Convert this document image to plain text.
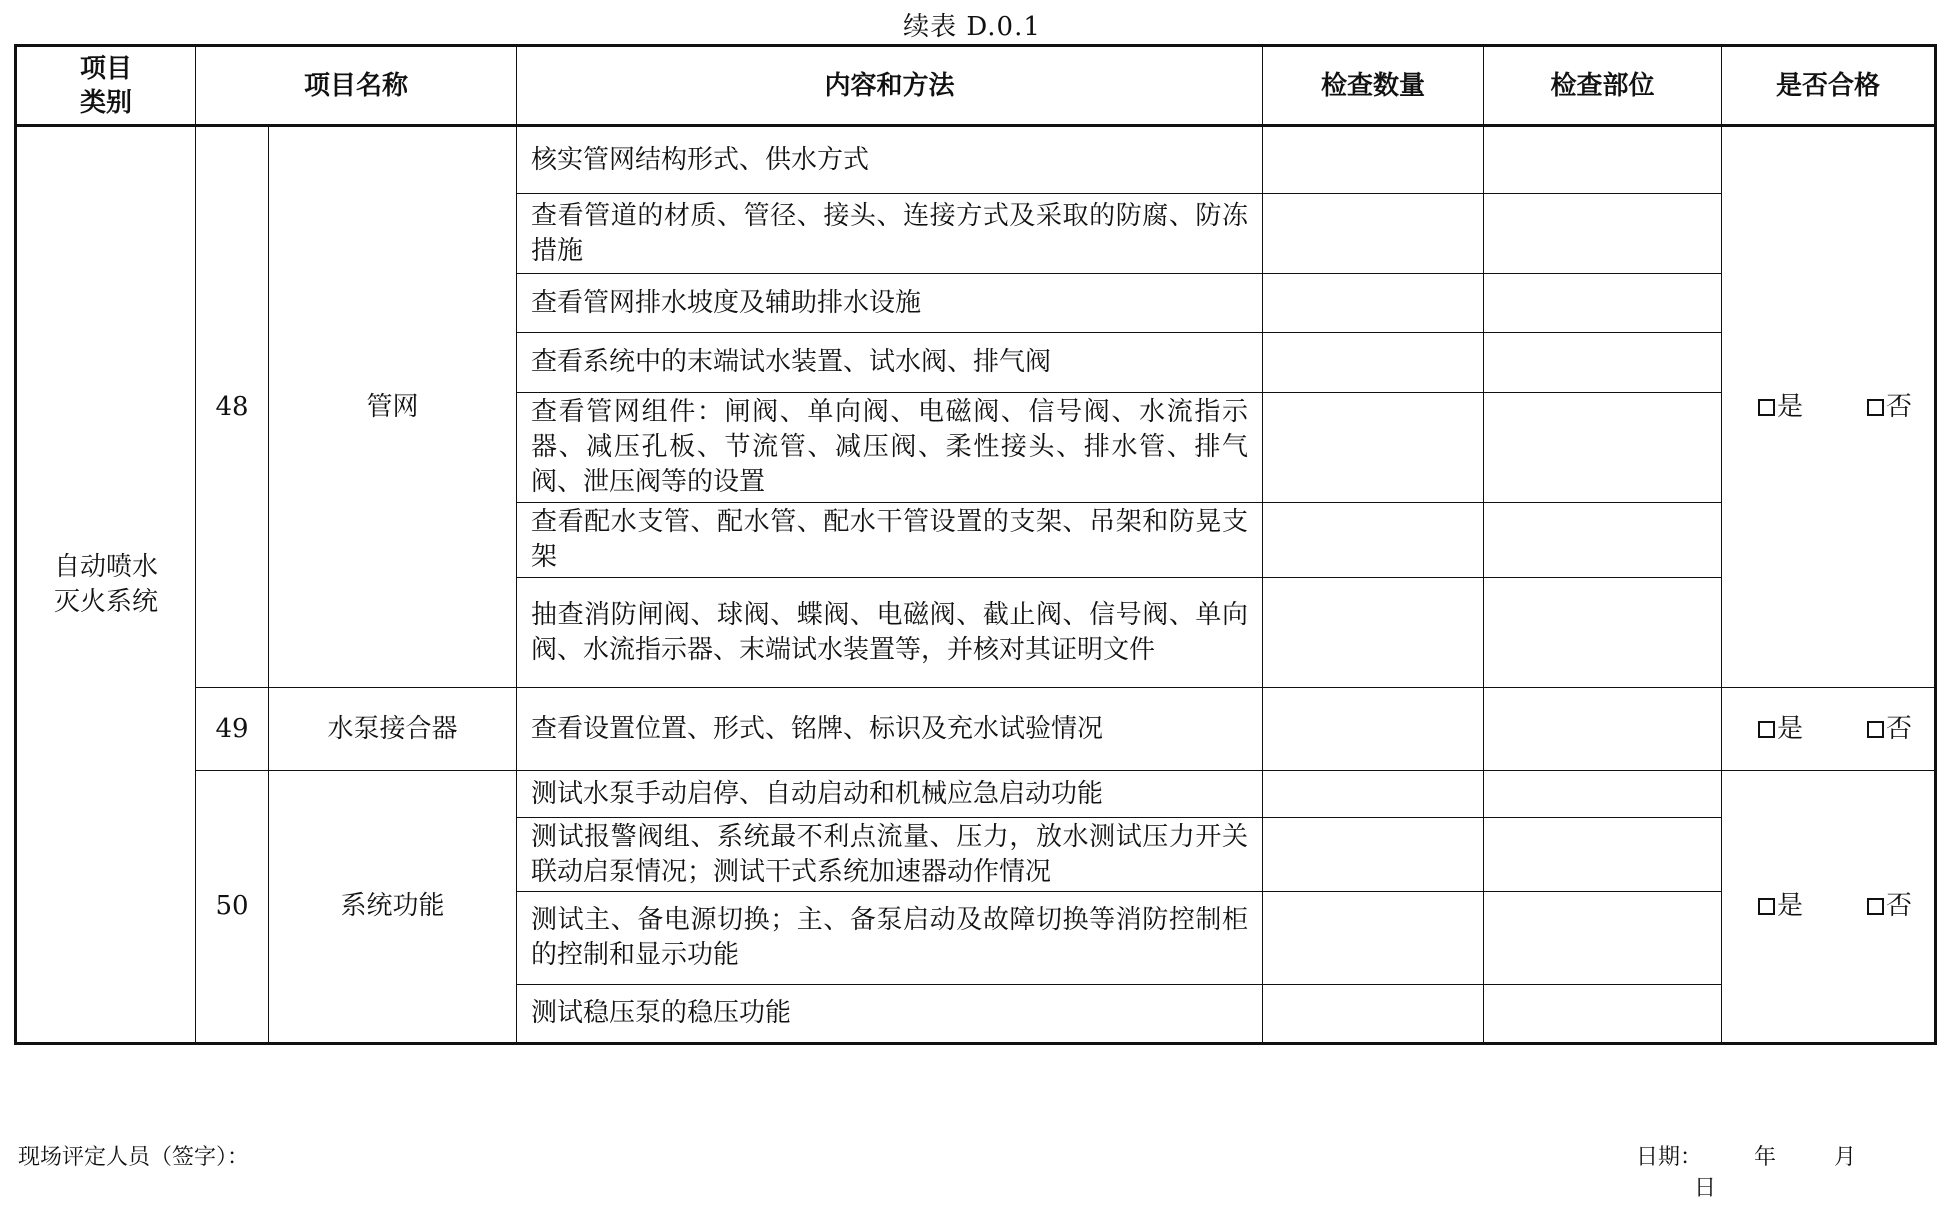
续表 D.0.1
项目
类别	项目名称		内容和方法	检查数量	检查部位	是否合格
自动喷水
灭火系统	48	管网	核实管网结构形式、供水方式			是 否
			查看管道的材质、管径、接头、连接方式及采取的防腐、防冻措施			
			查看管网排水坡度及辅助排水设施			
			查看系统中的末端试水装置、试水阀、排气阀			
			查看管网组件：闸阀、单向阀、电磁阀、信号阀、水流指示器、减压孔板、节流管、减压阀、柔性接头、排水管、排气阀、泄压阀等的设置			
			查看配水支管、配水管、配水干管设置的支架、吊架和防晃支架			
			抽查消防闸阀、球阀、蝶阀、电磁阀、截止阀、信号阀、单向阀、水流指示器、末端试水装置等，并核对其证明文件			
	49	水泵接合器	查看设置位置、形式、铭牌、标识及充水试验情况			是 否
	50	系统功能	测试水泵手动启停、自动启动和机械应急启动功能			是 否
			测试报警阀组、系统最不利点流量、压力，放水测试压力开关联动启泵情况；测试干式系统加速器动作情况			
			测试主、备电源切换；主、备泵启动及故障切换等消防控制柜的控制和显示功能			
			测试稳压泵的稳压功能			
现场评定人员（签字）：	日期： 年	月日
